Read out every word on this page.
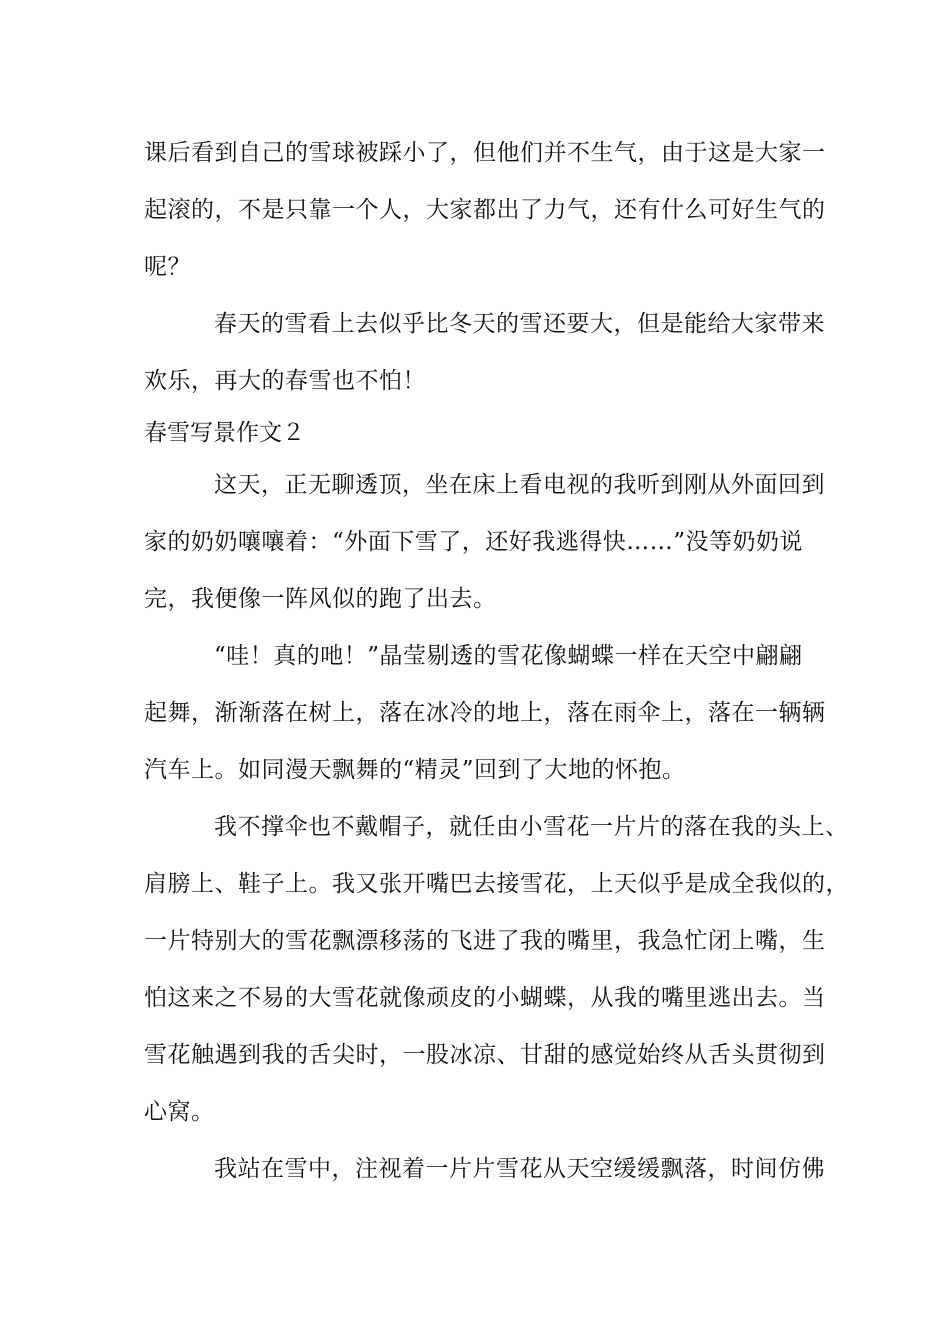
课后看到自己的雪球被踩小了，但他们并不生气，由于这是大家一
起滚的，不是只靠一个人，大家都出了力气，还有什么可好生气的
呢？
春天的雪看上去似乎比冬天的雪还要大，但是能给大家带来
欢乐，再大的春雪也不怕！
春雪写景作文２
这天，正无聊透顶，坐在床上看电视的我听到刚从外面回到
家的奶奶嚷嚷着：“外面下雪了，还好我逃得快……”没等奶奶说
完，我便像一阵风似的跑了出去。
“哇！真的吔！”晶莹剔透的雪花像蝴蝶一样在天空中翩翩
起舞，渐渐落在树上，落在冰冷的地上，落在雨伞上，落在一辆辆
汽车上。如同漫天飘舞的“精灵”回到了大地的怀抱。
我不撑伞也不戴帽子，就任由小雪花一片片的落在我的头上、
肩膀上、鞋子上。我又张开嘴巴去接雪花，上天似乎是成全我似的，
一片特别大的雪花飘漂移荡的飞进了我的嘴里，我急忙闭上嘴，生
怕这来之不易的大雪花就像顽皮的小蝴蝶，从我的嘴里逃出去。当
雪花触遇到我的舌尖时，一股冰凉、甘甜的感觉始终从舌头贯彻到
心窝。
我站在雪中，注视着一片片雪花从天空缓缓飘落，时间仿佛
